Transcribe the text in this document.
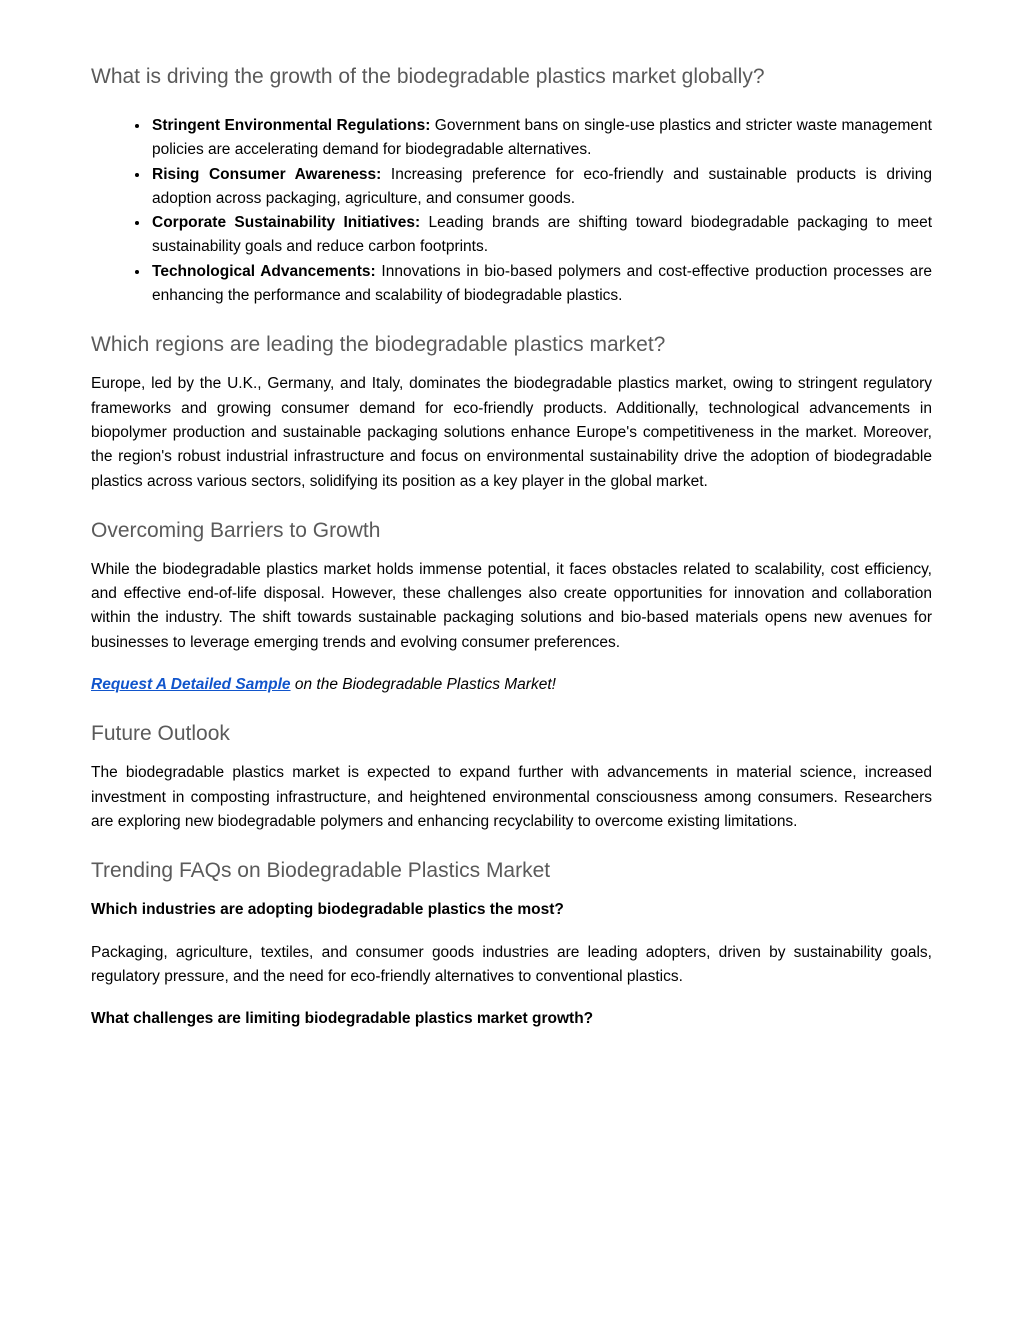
What is driving the growth of the biodegradable plastics market globally?
• Stringent Environmental Regulations: Government bans on single-use plastics and stricter waste management policies are accelerating demand for biodegradable alternatives.
• Rising Consumer Awareness: Increasing preference for eco-friendly and sustainable products is driving adoption across packaging, agriculture, and consumer goods.
• Corporate Sustainability Initiatives: Leading brands are shifting toward biodegradable packaging to meet sustainability goals and reduce carbon footprints.
• Technological Advancements: Innovations in bio-based polymers and cost-effective production processes are enhancing the performance and scalability of biodegradable plastics.
Which regions are leading the biodegradable plastics market?

Europe, led by the U.K., Germany, and Italy, dominates the biodegradable plastics market, owing to stringent regulatory frameworks and growing consumer demand for eco-friendly products. Additionally, technological advancements in biopolymer production and sustainable packaging solutions enhance Europe's competitiveness in the market. Moreover, the region's robust industrial infrastructure and focus on environmental sustainability drive the adoption of biodegradable plastics across various sectors, solidifying its position as a key player in the global market.

Overcoming Barriers to Growth

While the biodegradable plastics market holds immense potential, it faces obstacles related to scalability, cost efficiency, and effective end-of-life disposal. However, these challenges also create opportunities for innovation and collaboration within the industry. The shift towards sustainable packaging solutions and bio-based materials opens new avenues for businesses to leverage emerging trends and evolving consumer preferences.

Request A Detailed Sample on the Biodegradable Plastics Market!

Future Outlook

The biodegradable plastics market is expected to expand further with advancements in material science, increased investment in composting infrastructure, and heightened environmental consciousness among consumers. Researchers are exploring new biodegradable polymers and enhancing recyclability to overcome existing limitations.

Trending FAQs on Biodegradable Plastics Market

Which industries are adopting biodegradable plastics the most?

Packaging, agriculture, textiles, and consumer goods industries are leading adopters, driven by sustainability goals, regulatory pressure, and the need for eco-friendly alternatives to conventional plastics.

What challenges are limiting biodegradable plastics market growth?
